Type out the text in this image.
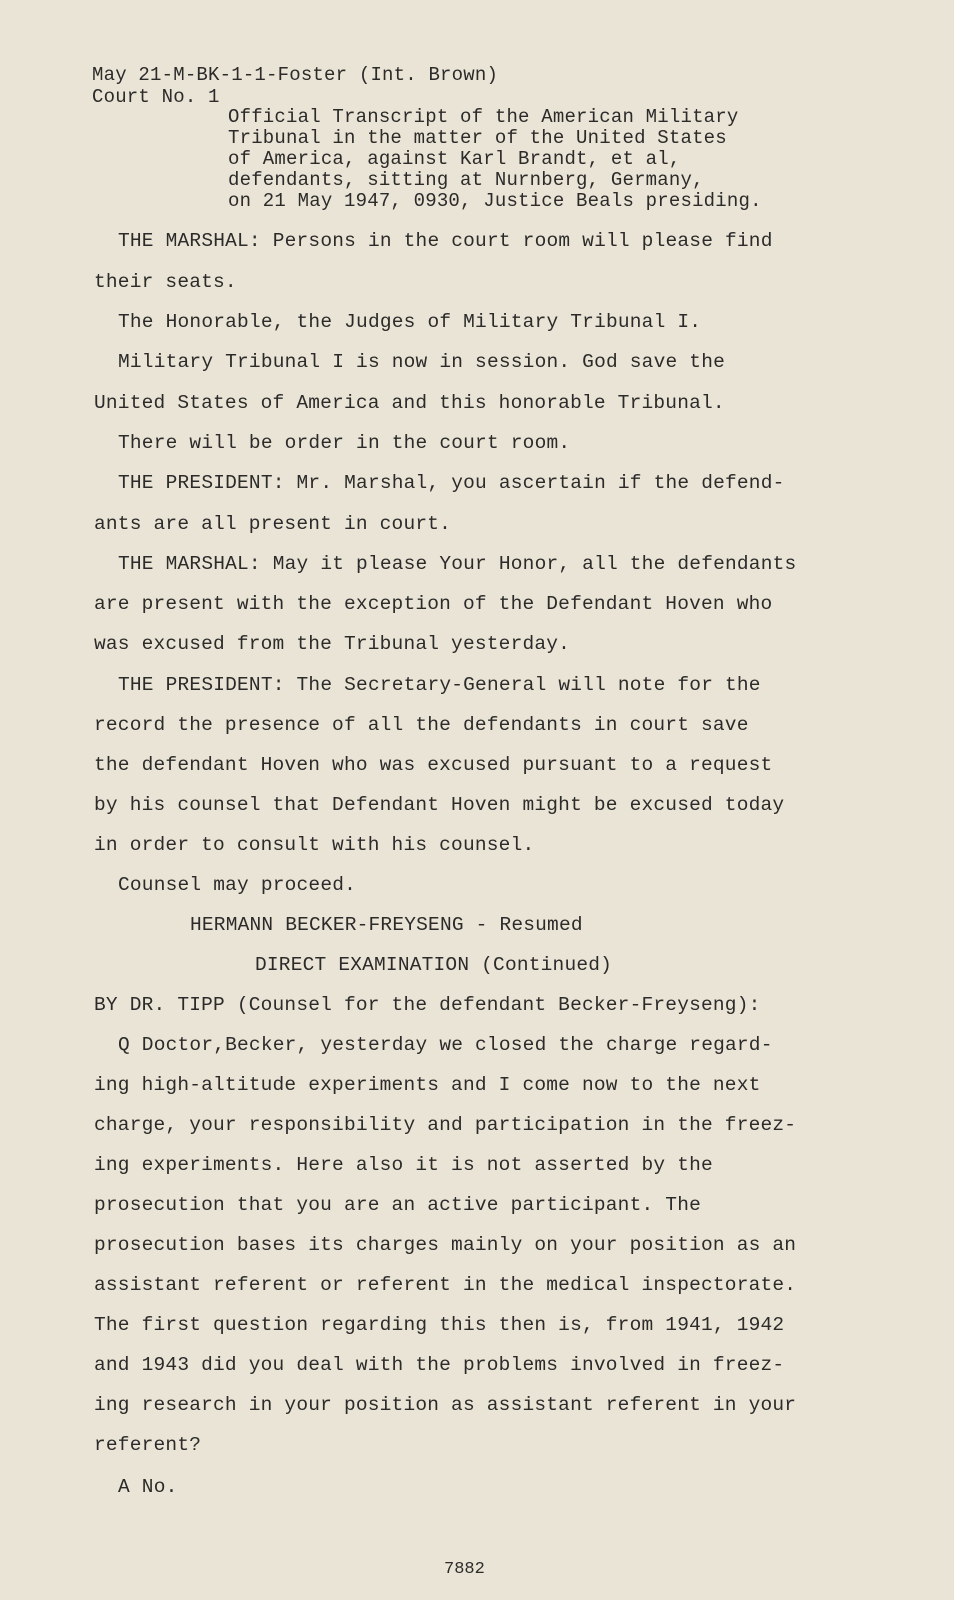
May 21-M-BK-1-1-Foster (Int. Brown)
Court No. 1
Official Transcript of the American Military
Tribunal in the matter of the United States
of America, against Karl Brandt, et al,
defendants, sitting at Nurnberg, Germany,
on 21 May 1947, 0930, Justice Beals presiding.
THE MARSHAL: Persons in the court room will please find
their seats.
The Honorable, the Judges of Military Tribunal I.
Military Tribunal I is now in session. God save the
United States of America and this honorable Tribunal.
There will be order in the court room.
THE PRESIDENT: Mr. Marshal, you ascertain if the defend-
ants are all present in court.
THE MARSHAL: May it please Your Honor, all the defendants
are present with the exception of the Defendant Hoven who
was excused from the Tribunal yesterday.
THE PRESIDENT: The Secretary-General will note for the
record the presence of all the defendants in court save
the defendant Hoven who was excused pursuant to a request
by his counsel that Defendant Hoven might be excused today
in order to consult with his counsel.
Counsel may proceed.
HERMANN BECKER-FREYSENG - Resumed
DIRECT EXAMINATION (Continued)
BY DR. TIPP (Counsel for the defendant Becker-Freyseng):
Q Doctor,Becker, yesterday we closed the charge regard-
ing high-altitude experiments and I come now to the next
charge, your responsibility and participation in the freez-
ing experiments. Here also it is not asserted by the
prosecution that you are an active participant. The
prosecution bases its charges mainly on your position as an
assistant referent or referent in the medical inspectorate.
The first question regarding this then is, from 1941, 1942
and 1943 did you deal with the problems involved in freez-
ing research in your position as assistant referent in your
referent?
A No.
7882
